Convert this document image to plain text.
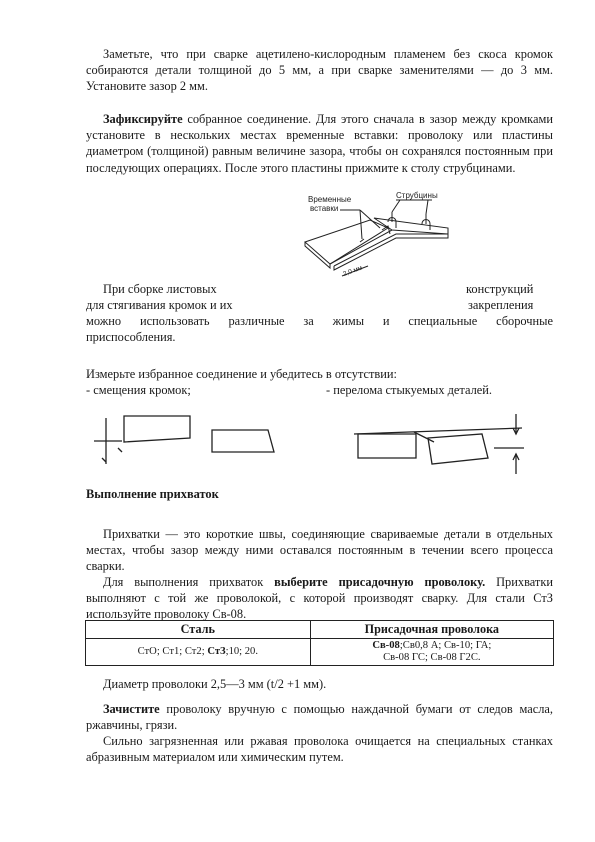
Заметьте, что при сварке ацетилено-кислородным пламенем без скоса кромок собираются детали толщиной до 5 мм, а при сварке заменителями — до 3 мм. Установите зазор 2 мм.

Зафиксируйте собранное соединение. Для этого сначала в зазор между кромками установите в нескольких местах временные вставки: проволоку или пластины диаметром (толщиной) равным величине зазора, чтобы он сохранялся постоянным при последующих операциях. После этого пластины прижмите к столу струбцинами.

Временные
вставки
Струбцины
2,0 мм
При сборке листовых	конструкций
для стягивания кромок и их	закрепления
можно использовать различные за жимы и специальные сборочные
приспособления.
Измерьте избранное соединение и убедитесь в отсутствии:
- смещения кромок;	- перелома стыкуемых деталей.
Выполнение прихваток

Прихватки — это короткие швы, соединяющие свариваемые детали в отдельных местах, чтобы зазор между ними оставался постоянным в течении всего процесса сварки.

Для выполнения прихваток выберите присадочную проволоку. Прихватки выполняют с той же проволокой, с которой производят сварку. Для стали СтЗ используйте проволоку Св-08.

Сталь	Присадочная проволока
СтО; Ст1; Ст2; СтЗ;10; 20.	Св-08;Св0,8 А; Св-10; ГА;
Св-08 ГС; Св-08 Г2С.
Диаметр проволоки 2,5—3 мм (t/2 +1 мм).

Зачистите проволоку вручную с помощью наждачной бумаги от следов масла, ржавчины, грязи.

Сильно загрязненная или ржавая проволока очищается на специальных станках абразивным материалом или химическим путем.
